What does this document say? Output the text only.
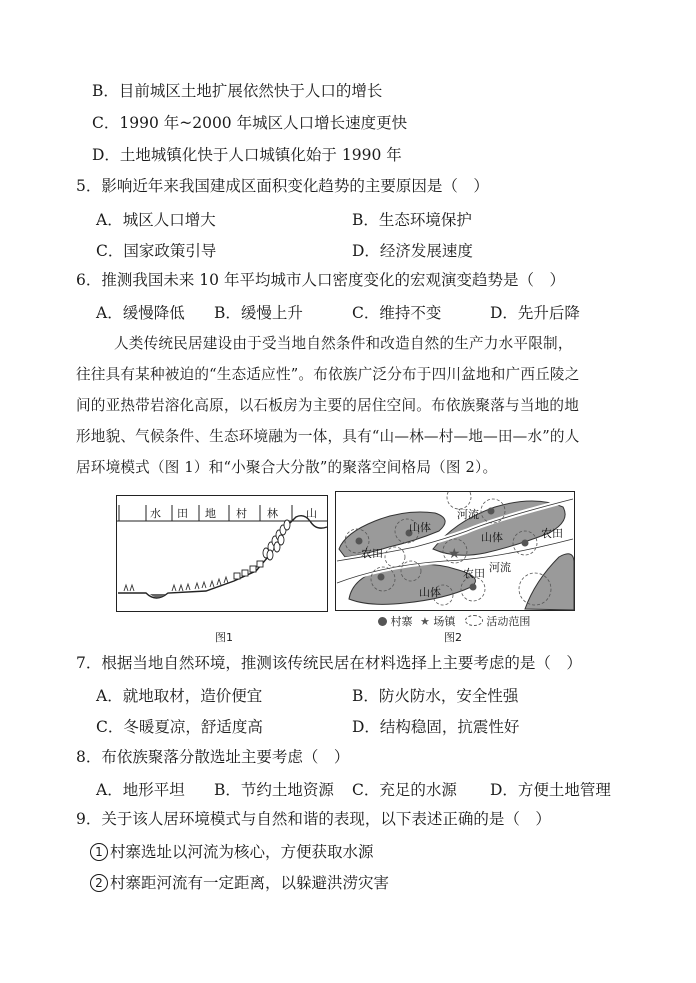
B．目前城区土地扩展依然快于人口的增长
C．1990 年~2000 年城区人口增长速度更快
D．土地城镇化快于人口城镇化始于 1990 年
5．影响近年来我国建成区面积变化趋势的主要原因是（　）
A．城区人口增大	B．生态环境保护
C．国家政策引导	D．经济发展速度
6．推测我国未来 10 年平均城市人口密度变化的宏观演变趋势是（　）
A．缓慢降低 B．缓慢上升	C．维持不变	D．先升后降
人类传统民居建设由于受当地自然条件和改造自然的生产力水平限制，
往往具有某种被迫的“生态适应性”。布依族广泛分布于四川盆地和广西丘陵之
间的亚热带岩溶化高原，以石板房为主要的居住空间。布依族聚落与当地的地
形地貌、气候条件、生态环境融为一体，具有“山—林—村—地—田—水”的人
居环境模式（图 1）和“小聚合大分散”的聚落空间格局（图 2）。
水 田 地 村 林	山
图1
★
河流
山体
山体
农田
农田
河流
农田
山体
村寨 ★ 场镇	活动范围
图2
7．根据当地自然环境，推测该传统民居在材料选择上主要考虑的是（　）
A．就地取材，造价便宜	B．防火防水，安全性强
C．冬暖夏凉，舒适度高	D．结构稳固，抗震性好
8．布依族聚落分散选址主要考虑（　）
A．地形平坦 B．节约土地资源 C．充足的水源 D．方便土地管理
9．关于该人居环境模式与自然和谐的表现，以下表述正确的是（　）
1 村寨选址以河流为核心，方便获取水源
2 村寨距河流有一定距离，以躲避洪涝灾害
